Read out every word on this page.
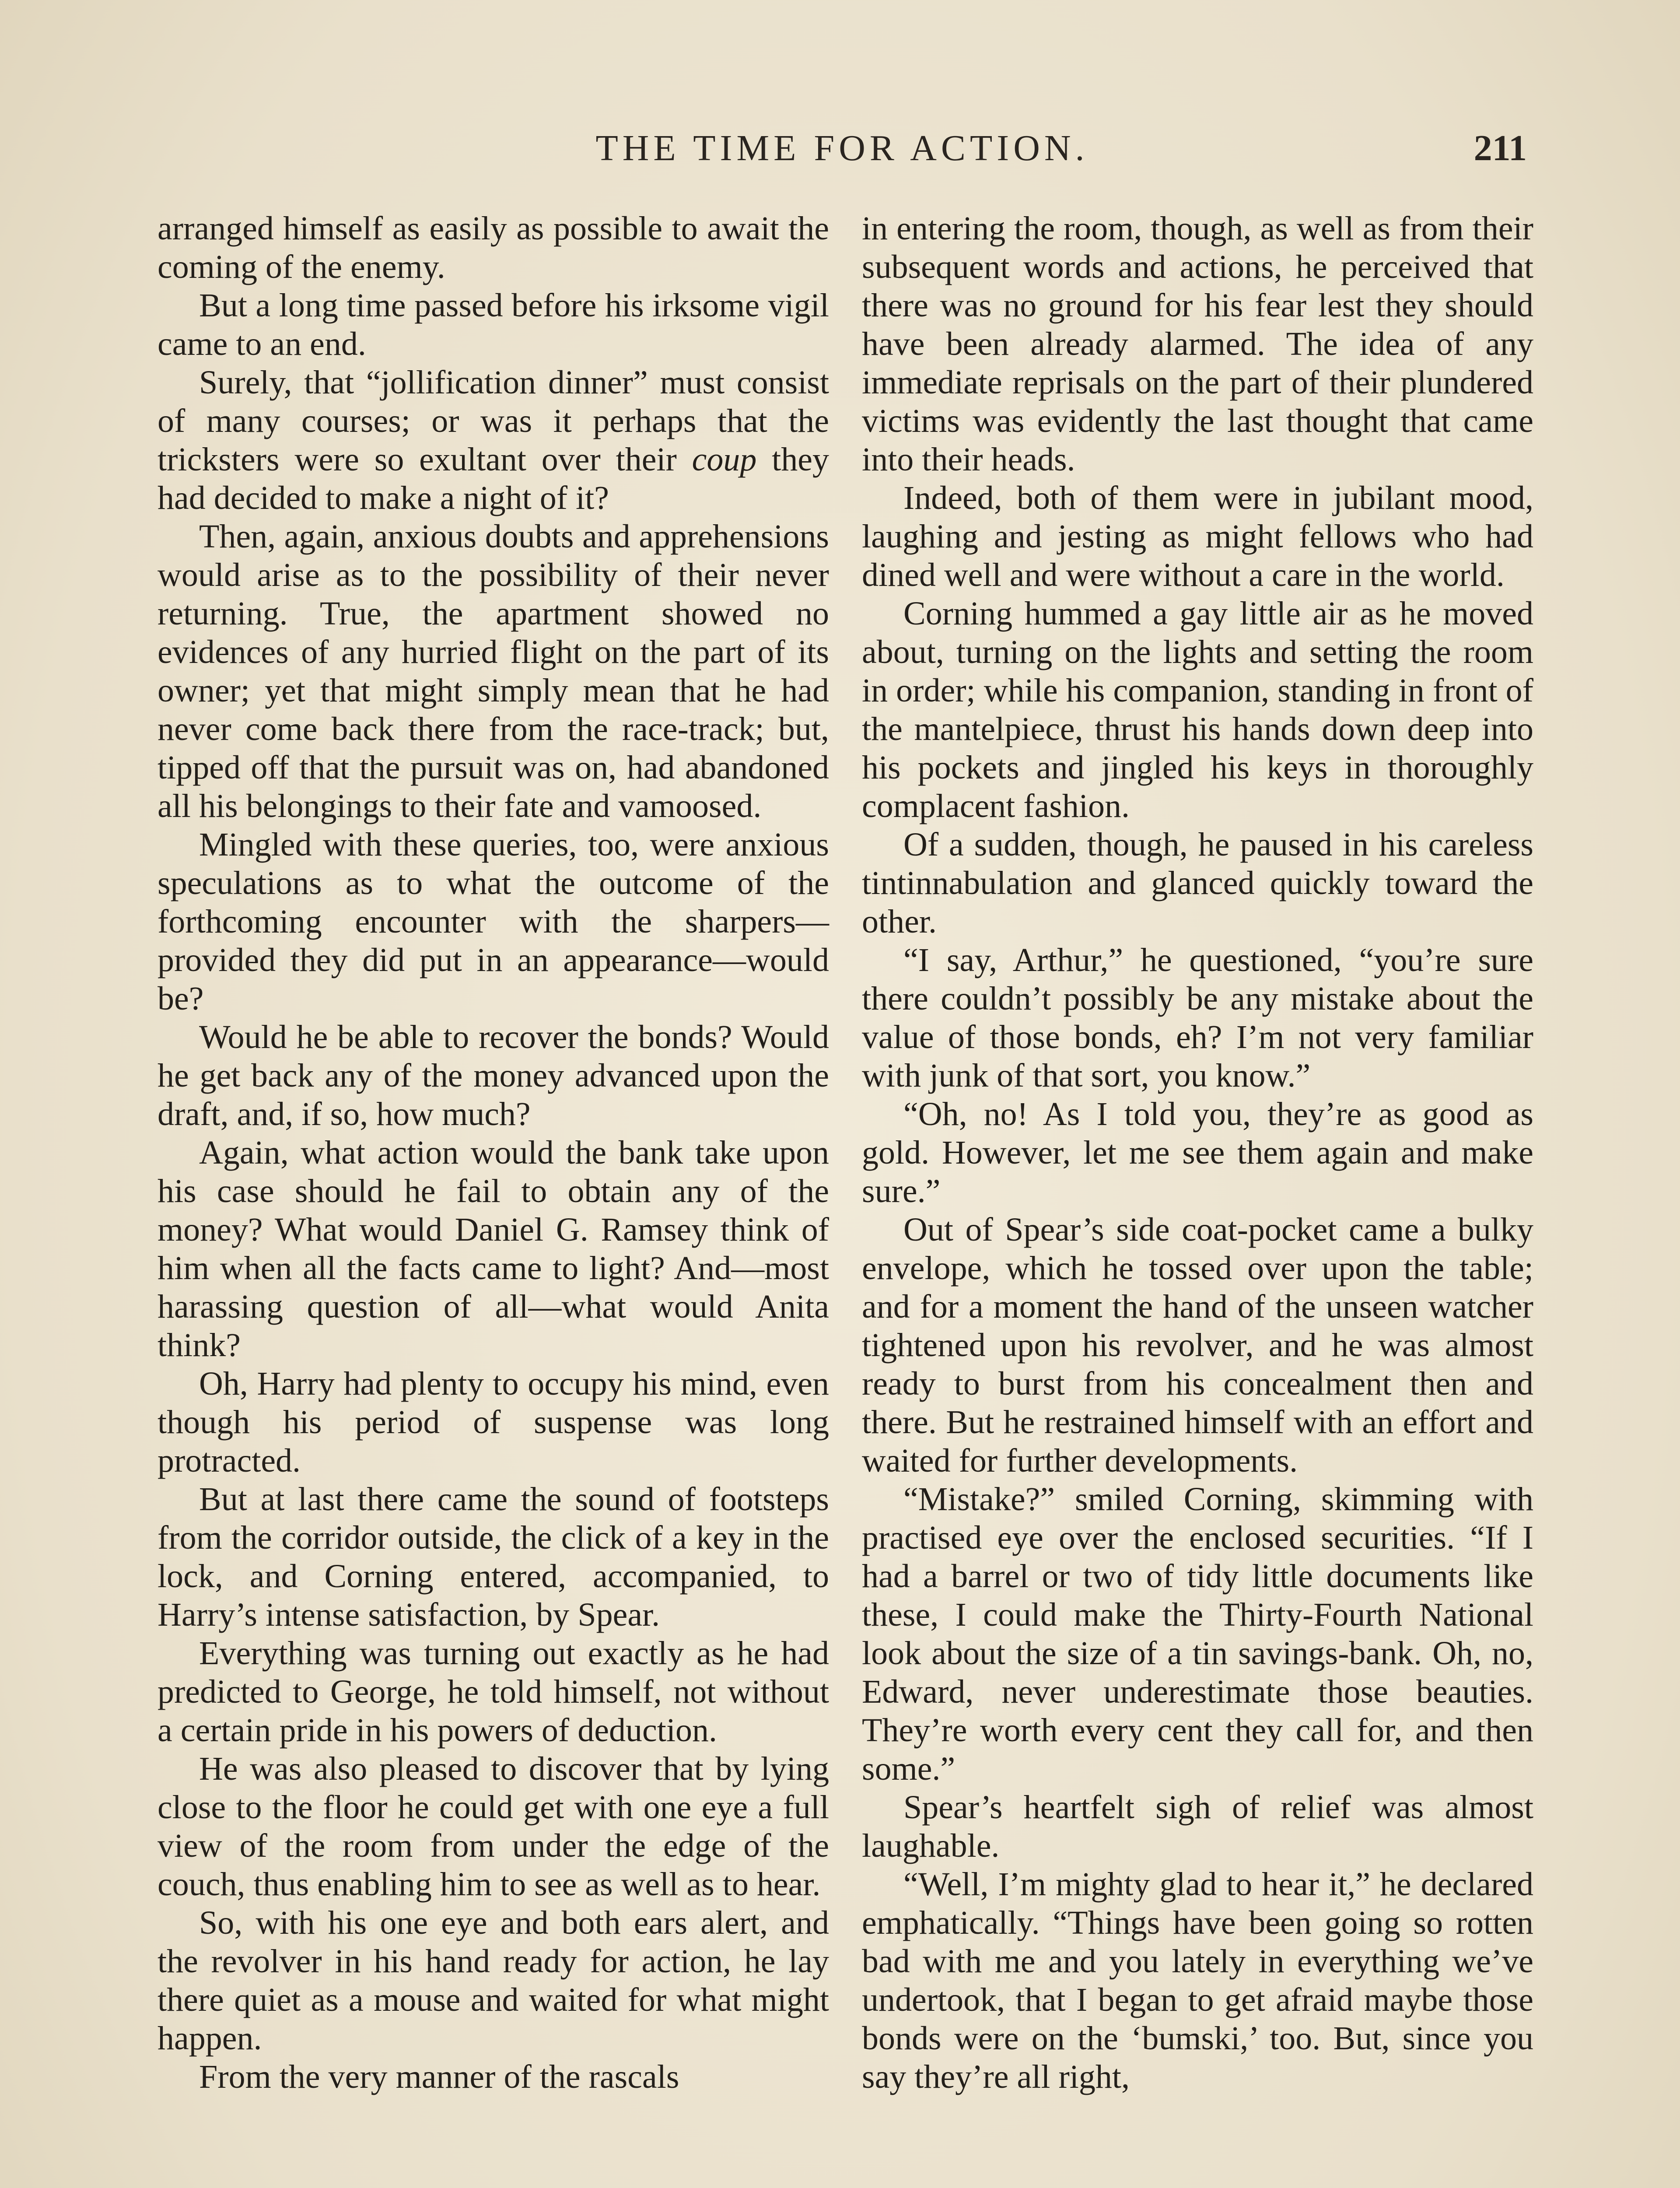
THE TIME FOR ACTION.	211

arranged himself as easily as possible to await the coming of the enemy.

But a long time passed before his irksome vigil came to an end.

Surely, that “jollification dinner” must consist of many courses; or was it perhaps that the tricksters were so exultant over their coup they had decided to make a night of it?

Then, again, anxious doubts and apprehensions would arise as to the possibility of their never returning. True, the apartment showed no evidences of any hurried flight on the part of its owner; yet that might simply mean that he had never come back there from the race-track; but, tipped off that the pursuit was on, had abandoned all his belongings to their fate and vamoosed.

Mingled with these queries, too, were anxious speculations as to what the outcome of the forthcoming encounter with the sharpers—provided they did put in an appearance—would be?

Would he be able to recover the bonds? Would he get back any of the money advanced upon the draft, and, if so, how much?

Again, what action would the bank take upon his case should he fail to obtain any of the money? What would Daniel G. Ramsey think of him when all the facts came to light? And—most harassing question of all—what would Anita think?

Oh, Harry had plenty to occupy his mind, even though his period of suspense was long protracted.

But at last there came the sound of footsteps from the corridor outside, the click of a key in the lock, and Corning entered, accompanied, to Harry’s intense satisfaction, by Spear.

Everything was turning out exactly as he had predicted to George, he told himself, not without a certain pride in his powers of deduction.

He was also pleased to discover that by lying close to the floor he could get with one eye a full view of the room from under the edge of the couch, thus enabling him to see as well as to hear.

So, with his one eye and both ears alert, and the revolver in his hand ready for action, he lay there quiet as a mouse and waited for what might happen.

From the very manner of the rascals

in entering the room, though, as well as from their subsequent words and actions, he perceived that there was no ground for his fear lest they should have been already alarmed. The idea of any immediate reprisals on the part of their plundered victims was evidently the last thought that came into their heads.

Indeed, both of them were in jubilant mood, laughing and jesting as might fellows who had dined well and were without a care in the world.

Corning hummed a gay little air as he moved about, turning on the lights and setting the room in order; while his companion, standing in front of the mantelpiece, thrust his hands down deep into his pockets and jingled his keys in thoroughly complacent fashion.

Of a sudden, though, he paused in his careless tintinnabulation and glanced quickly toward the other.

“I say, Arthur,” he questioned, “you’re sure there couldn’t possibly be any mistake about the value of those bonds, eh? I’m not very familiar with junk of that sort, you know.”

“Oh, no! As I told you, they’re as good as gold. However, let me see them again and make sure.”

Out of Spear’s side coat-pocket came a bulky envelope, which he tossed over upon the table; and for a moment the hand of the unseen watcher tightened upon his revolver, and he was almost ready to burst from his concealment then and there. But he restrained himself with an effort and waited for further developments.

“Mistake?” smiled Corning, skimming with practised eye over the enclosed securities. “If I had a barrel or two of tidy little documents like these, I could make the Thirty-Fourth National look about the size of a tin savings-bank. Oh, no, Edward, never underestimate those beauties. They’re worth every cent they call for, and then some.”

Spear’s heartfelt sigh of relief was almost laughable.

“Well, I’m mighty glad to hear it,” he declared emphatically. “Things have been going so rotten bad with me and you lately in everything we’ve undertook, that I began to get afraid maybe those bonds were on the ‘bumski,’ too. But, since you say they’re all right,
